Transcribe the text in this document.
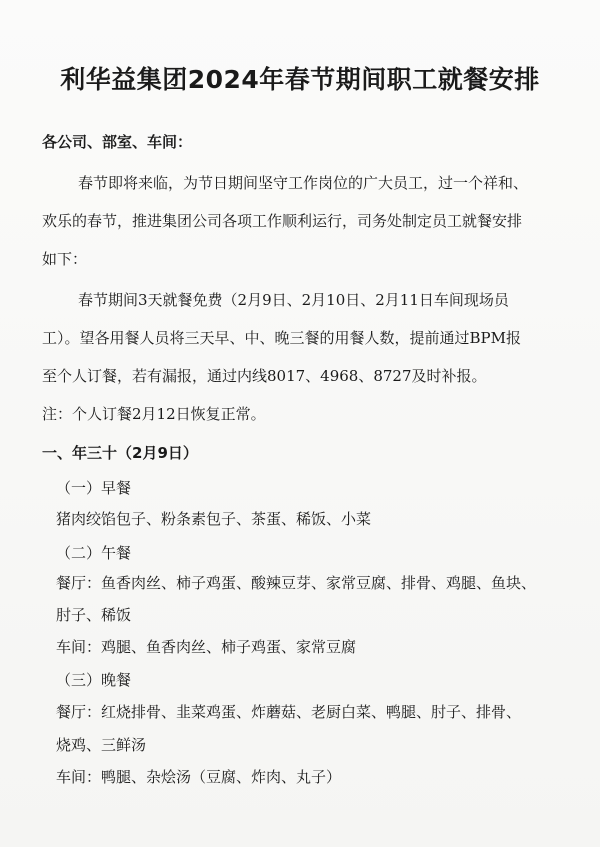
利华益集团2024年春节期间职工就餐安排
各公司、部室、车间：
春节即将来临，为节日期间坚守工作岗位的广大员工，过一个祥和、
欢乐的春节，推进集团公司各项工作顺利运行，司务处制定员工就餐安排
如下：
春节期间3天就餐免费（2月9日、2月10日、2月11日车间现场员
工）。望各用餐人员将三天早、中、晚三餐的用餐人数，提前通过BPM报
至个人订餐，若有漏报，通过内线8017、4968、8727及时补报。
注：个人订餐2月12日恢复正常。
一、年三十（2月9日）
（一）早餐
猪肉绞馅包子、粉条素包子、茶蛋、稀饭、小菜
（二）午餐
餐厅：鱼香肉丝、柿子鸡蛋、酸辣豆芽、家常豆腐、排骨、鸡腿、鱼块、
肘子、稀饭
车间：鸡腿、鱼香肉丝、柿子鸡蛋、家常豆腐
（三）晚餐
餐厅：红烧排骨、韭菜鸡蛋、炸蘑菇、老厨白菜、鸭腿、肘子、排骨、
烧鸡、三鲜汤
车间：鸭腿、杂烩汤（豆腐、炸肉、丸子）
